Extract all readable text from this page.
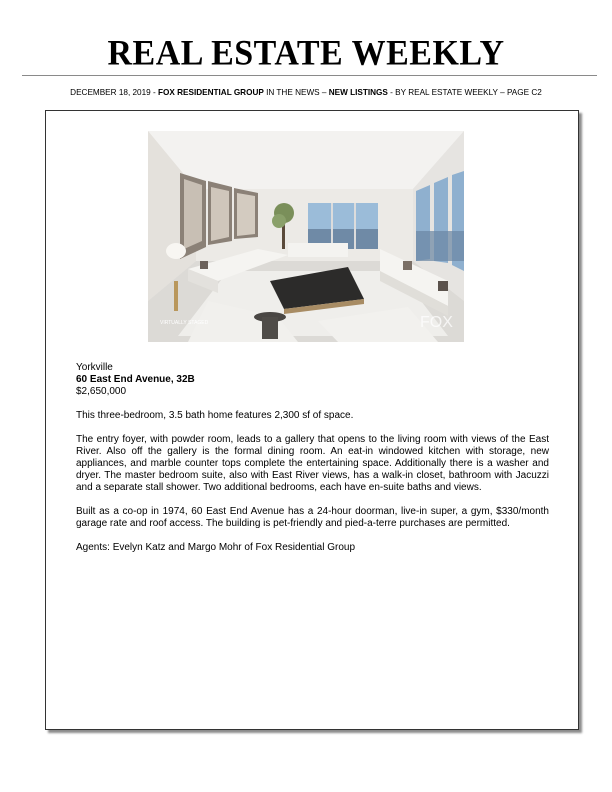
REAL ESTATE WEEKLY
DECEMBER 18, 2019 - FOX RESIDENTIAL GROUP IN THE NEWS – NEW LISTINGS - BY REAL ESTATE WEEKLY – PAGE C2
VIRTUALLY STAGED	FOX

Yorkville

60 East End Avenue, 32B

$2,650,000

This three-bedroom, 3.5 bath home features 2,300 sf of space.

The entry foyer, with powder room, leads to a gallery that opens to the living room with views of the East River. Also off the gallery is the formal dining room. An eat-in windowed kitchen with storage, new appliances, and marble counter tops complete the entertaining space. Additionally there is a washer and dryer. The master bedroom suite, also with East River views, has a walk-in closet, bathroom with Jacuzzi and a separate stall shower. Two additional bedrooms, each have en-suite baths and views.

Built as a co-op in 1974, 60 East End Avenue has a 24-hour doorman, live-in super, a gym, $330/month garage rate and roof access. The building is pet-friendly and pied-a-terre purchases are permitted.

Agents: Evelyn Katz and Margo Mohr of Fox Residential Group
